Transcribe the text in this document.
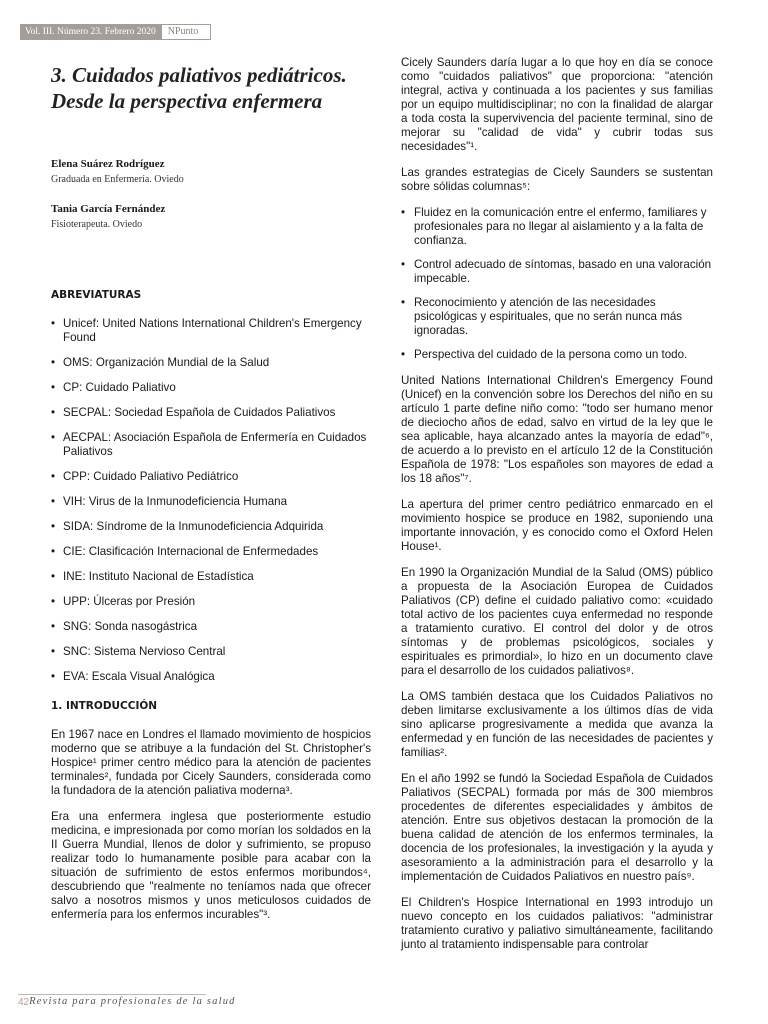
Vol. III. Número 23. Febrero 2020	NPunto
3. Cuidados paliativos pediátricos. Desde la perspectiva enfermera

Elena Suárez Rodríguez

Graduada en Enfermería. Oviedo

Tania García Fernández

Fisioterapeuta. Oviedo

ABREVIATURAS
• Unicef: United Nations International Children's Emergency Found
• OMS: Organización Mundial de la Salud
• CP: Cuidado Paliativo
• SECPAL: Sociedad Española de Cuidados Paliativos
• AECPAL: Asociación Española de Enfermería en Cuidados Paliativos
• CPP: Cuidado Paliativo Pediátrico
• VIH: Virus de la Inmunodeficiencia Humana
• SIDA: Síndrome de la Inmunodeficiencia Adquirida
• CIE: Clasificación Internacional de Enfermedades
• INE: Instituto Nacional de Estadística
• UPP: Úlceras por Presión
• SNG: Sonda nasogástrica
• SNC: Sistema Nervioso Central
• EVA: Escala Visual Analógica
1. INTRODUCCIÓN

En 1967 nace en Londres el llamado movimiento de hospicios moderno que se atribuye a la fundación del St. Christopher's Hospice¹ primer centro médico para la atención de pacientes terminales², fundada por Cicely Saunders, considerada como la fundadora de la atención paliativa moderna³.

Era una enfermera inglesa que posteriormente estudio medicina, e impresionada por como morían los soldados en la II Guerra Mundial, llenos de dolor y sufrimiento, se propuso realizar todo lo humanamente posible para acabar con la situación de sufrimiento de estos enfermos moribundos⁴, descubriendo que "realmente no teníamos nada que ofrecer salvo a nosotros mismos y unos meticulosos cuidados de enfermería para los enfermos incurables"³.

Cicely Saunders daría lugar a lo que hoy en día se conoce como "cuidados paliativos" que proporciona: "atención integral, activa y continuada a los pacientes y sus familias por un equipo multidisciplinar; no con la finalidad de alargar a toda costa la supervivencia del paciente terminal, sino de mejorar su "calidad de vida" y cubrir todas sus necesidades"¹.

Las grandes estrategias de Cicely Saunders se sustentan sobre sólidas columnas⁵:

• Fluidez en la comunicación entre el enfermo, familiares y profesionales para no llegar al aislamiento y a la falta de confianza.
• Control adecuado de síntomas, basado en una valoración impecable.
• Reconocimiento y atención de las necesidades psicológicas y espirituales, que no serán nunca más ignoradas.
• Perspectiva del cuidado de la persona como un todo.

United Nations International Children's Emergency Found (Unicef) en la convención sobre los Derechos del niño en su artículo 1 parte define niño como: "todo ser humano menor de dieciocho años de edad, salvo en virtud de la ley que le sea aplicable, haya alcanzado antes la mayoría de edad"⁶, de acuerdo a lo previsto en el artículo 12 de la Constitución Española de 1978: "Los españoles son mayores de edad a los 18 años"⁷.

La apertura del primer centro pediátrico enmarcado en el movimiento hospice se produce en 1982, suponiendo una importante innovación, y es conocido como el Oxford Helen House¹.

En 1990 la Organización Mundial de la Salud (OMS) público a propuesta de la Asociación Europea de Cuidados Paliativos (CP) define el cuidado paliativo como: «cuidado total activo de los pacientes cuya enfermedad no responde a tratamiento curativo. El control del dolor y de otros síntomas y de problemas psicológicos, sociales y espirituales es primordial», lo hizo en un documento clave para el desarrollo de los cuidados paliativos⁸.

La OMS también destaca que los Cuidados Paliativos no deben limitarse exclusivamente a los últimos días de vida sino aplicarse progresivamente a medida que avanza la enfermedad y en función de las necesidades de pacientes y familias².

En el año 1992 se fundó la Sociedad Española de Cuidados Paliativos (SECPAL) formada por más de 300 miembros procedentes de diferentes especialidades y ámbitos de atención. Entre sus objetivos destacan la promoción de la buena calidad de atención de los enfermos terminales, la docencia de los profesionales, la investigación y la ayuda y asesoramiento a la administración para el desarrollo y la implementación de Cuidados Paliativos en nuestro país⁹.

El Children's Hospice International en 1993 introdujo un nuevo concepto en los cuidados paliativos: "administrar tratamiento curativo y paliativo simultáneamente, facilitando junto al tratamiento indispensable para controlar

42 Revista para profesionales de la salud
